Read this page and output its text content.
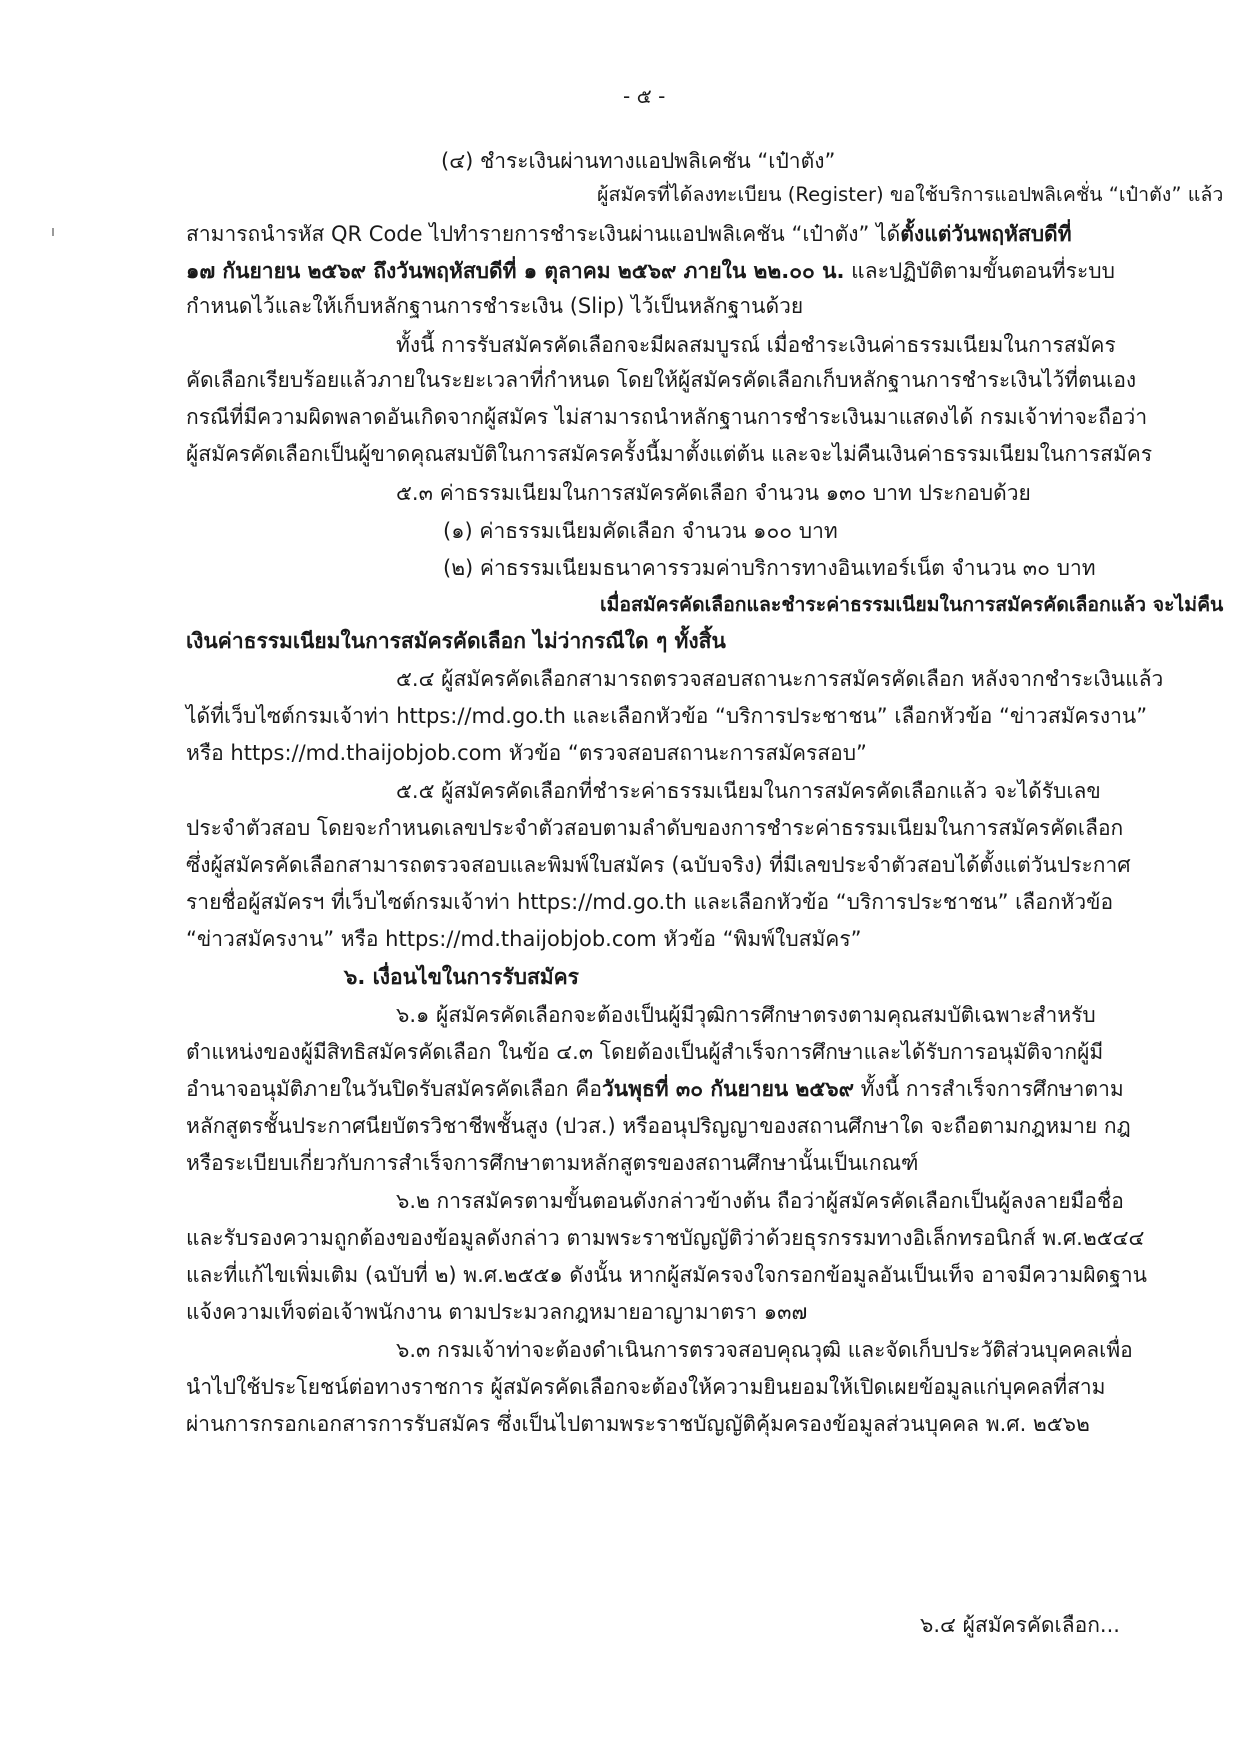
- ๕ -
(๔) ชำระเงินผ่านทางแอปพลิเคชัน “เป๋าตัง”
ผู้สมัครที่ได้ลงทะเบียน (Register) ขอใช้บริการแอปพลิเคชั่น “เป๋าตัง” แล้ว
สามารถนำรหัส QR Code ไปทำรายการชำระเงินผ่านแอปพลิเคชัน “เป๋าตัง” ได้ตั้งแต่วันพฤหัสบดีที่
๑๗ กันยายน ๒๕๖๙ ถึงวันพฤหัสบดีที่ ๑ ตุลาคม ๒๕๖๙ ภายใน ๒๒.๐๐ น. และปฏิบัติตามขั้นตอนที่ระบบ
กำหนดไว้และให้เก็บหลักฐานการชำระเงิน (Slip) ไว้เป็นหลักฐานด้วย
ทั้งนี้ การรับสมัครคัดเลือกจะมีผลสมบูรณ์ เมื่อชำระเงินค่าธรรมเนียมในการสมัคร
คัดเลือกเรียบร้อยแล้วภายในระยะเวลาที่กำหนด โดยให้ผู้สมัครคัดเลือกเก็บหลักฐานการชำระเงินไว้ที่ตนเอง
กรณีที่มีความผิดพลาดอันเกิดจากผู้สมัคร ไม่สามารถนำหลักฐานการชำระเงินมาแสดงได้ กรมเจ้าท่าจะถือว่า
ผู้สมัครคัดเลือกเป็นผู้ขาดคุณสมบัติในการสมัครครั้งนี้มาตั้งแต่ต้น และจะไม่คืนเงินค่าธรรมเนียมในการสมัคร
๕.๓ ค่าธรรมเนียมในการสมัครคัดเลือก จำนวน ๑๓๐ บาท ประกอบด้วย
(๑) ค่าธรรมเนียมคัดเลือก จำนวน ๑๐๐ บาท
(๒) ค่าธรรมเนียมธนาคารรวมค่าบริการทางอินเทอร์เน็ต จำนวน ๓๐ บาท
เมื่อสมัครคัดเลือกและชำระค่าธรรมเนียมในการสมัครคัดเลือกแล้ว จะไม่คืน
เงินค่าธรรมเนียมในการสมัครคัดเลือก ไม่ว่ากรณีใด ๆ ทั้งสิ้น
๕.๔ ผู้สมัครคัดเลือกสามารถตรวจสอบสถานะการสมัครคัดเลือก หลังจากชำระเงินแล้ว
ได้ที่เว็บไซต์กรมเจ้าท่า https://md.go.th และเลือกหัวข้อ “บริการประชาชน” เลือกหัวข้อ “ข่าวสมัครงาน”
หรือ https://md.thaijobjob.com หัวข้อ “ตรวจสอบสถานะการสมัครสอบ”
๕.๕ ผู้สมัครคัดเลือกที่ชำระค่าธรรมเนียมในการสมัครคัดเลือกแล้ว จะได้รับเลข
ประจำตัวสอบ โดยจะกำหนดเลขประจำตัวสอบตามลำดับของการชำระค่าธรรมเนียมในการสมัครคัดเลือก
ซึ่งผู้สมัครคัดเลือกสามารถตรวจสอบและพิมพ์ใบสมัคร (ฉบับจริง) ที่มีเลขประจำตัวสอบได้ตั้งแต่วันประกาศ
รายชื่อผู้สมัครฯ ที่เว็บไซต์กรมเจ้าท่า https://md.go.th และเลือกหัวข้อ “บริการประชาชน” เลือกหัวข้อ
“ข่าวสมัครงาน” หรือ https://md.thaijobjob.com หัวข้อ “พิมพ์ใบสมัคร”
๖. เงื่อนไขในการรับสมัคร
๖.๑ ผู้สมัครคัดเลือกจะต้องเป็นผู้มีวุฒิการศึกษาตรงตามคุณสมบัติเฉพาะสำหรับ
ตำแหน่งของผู้มีสิทธิสมัครคัดเลือก ในข้อ ๔.๓ โดยต้องเป็นผู้สำเร็จการศึกษาและได้รับการอนุมัติจากผู้มี
อำนาจอนุมัติภายในวันปิดรับสมัครคัดเลือก คือวันพุธที่ ๓๐ กันยายน ๒๕๖๙ ทั้งนี้ การสำเร็จการศึกษาตาม
หลักสูตรชั้นประกาศนียบัตรวิชาชีพชั้นสูง (ปวส.) หรืออนุปริญญาของสถานศึกษาใด จะถือตามกฎหมาย กฎ
หรือระเบียบเกี่ยวกับการสำเร็จการศึกษาตามหลักสูตรของสถานศึกษานั้นเป็นเกณฑ์
๖.๒ การสมัครตามขั้นตอนดังกล่าวข้างต้น ถือว่าผู้สมัครคัดเลือกเป็นผู้ลงลายมือชื่อ
และรับรองความถูกต้องของข้อมูลดังกล่าว ตามพระราชบัญญัติว่าด้วยธุรกรรมทางอิเล็กทรอนิกส์ พ.ศ.๒๕๔๔
และที่แก้ไขเพิ่มเติม (ฉบับที่ ๒) พ.ศ.๒๕๕๑ ดังนั้น หากผู้สมัครจงใจกรอกข้อมูลอันเป็นเท็จ อาจมีความผิดฐาน
แจ้งความเท็จต่อเจ้าพนักงาน ตามประมวลกฎหมายอาญามาตรา ๑๓๗
๖.๓ กรมเจ้าท่าจะต้องดำเนินการตรวจสอบคุณวุฒิ และจัดเก็บประวัติส่วนบุคคลเพื่อ
นำไปใช้ประโยชน์ต่อทางราชการ ผู้สมัครคัดเลือกจะต้องให้ความยินยอมให้เปิดเผยข้อมูลแก่บุคคลที่สาม
ผ่านการกรอกเอกสารการรับสมัคร ซึ่งเป็นไปตามพระราชบัญญัติคุ้มครองข้อมูลส่วนบุคคล พ.ศ. ๒๕๖๒
๖.๔ ผู้สมัครคัดเลือก...
